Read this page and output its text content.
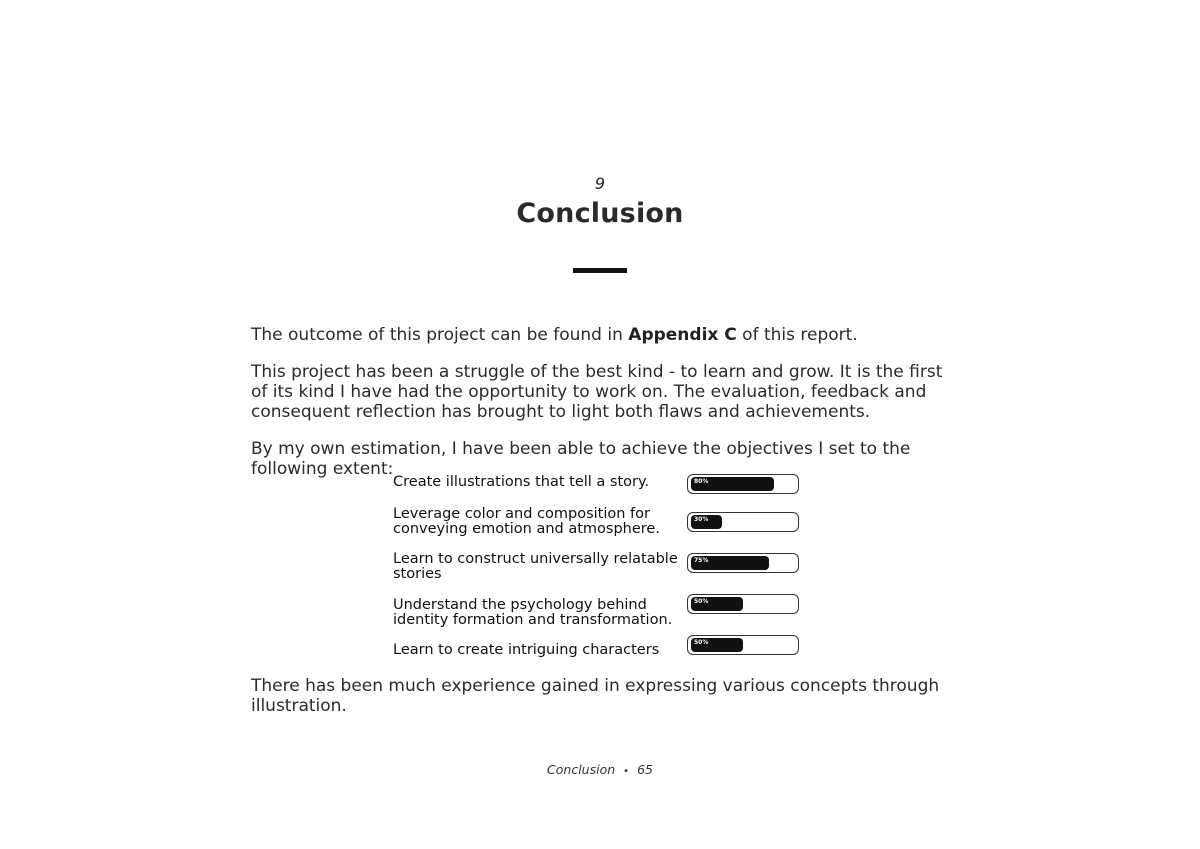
9
Conclusion
The outcome of this project can be found in Appendix C of this report.
This project has been a struggle of the best kind - to learn and grow. It is the first of its kind I have had the opportunity to work on. The evaluation, feedback and consequent reflection has brought to light both flaws and achievements.
By my own estimation, I have been able to achieve the objectives I set to the following extent:
Create illustrations that tell a story.	80%
Leverage color and composition for conveying emotion and atmosphere.
30%
Learn to construct universally relatable stories
75%
Understand the psychology behind identity formation and transformation.
50%
Learn to create intriguing characters	50%
There has been much experience gained in expressing various concepts through illustration.
Conclusion • 65
